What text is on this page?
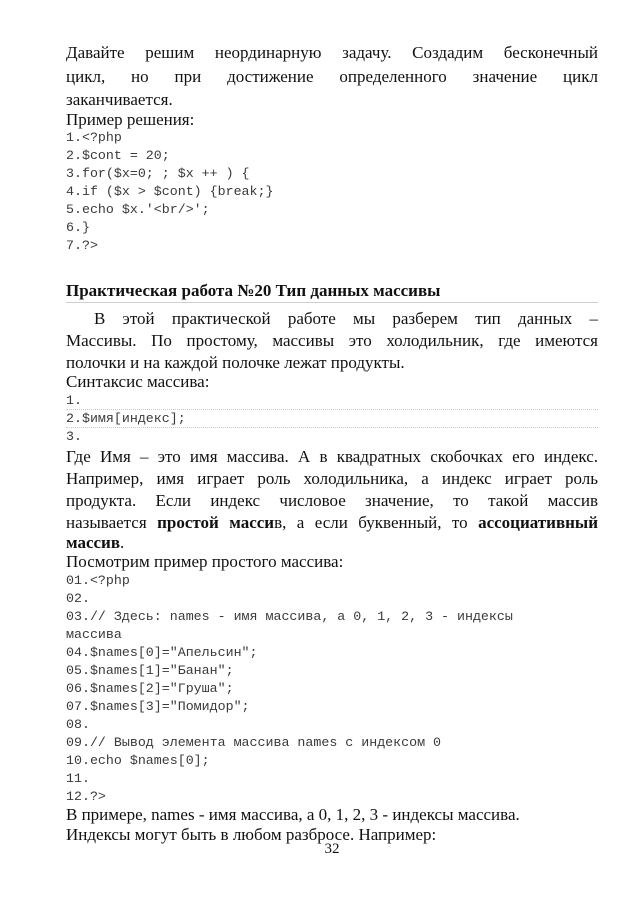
Давайте решим неординарную задачу. Создадим бесконечный
цикл, но при достижение определенного значение цикл
заканчивается.
Пример решения:
1.<?php
2.$cont = 20;
3.for($x=0; ; $x ++ ) {
4.if ($x > $cont) {break;}
5.echo $x.'<br/>';
6.}
7.?>
Практическая работа №20 Тип данных массивы
В этой практической работе мы разберем тип данных –
Массивы. По простому, массивы это холодильник, где имеются
полочки и на каждой полочке лежат продукты.
Синтаксис массива:
1.
2.$имя[индекс];
3.
Где Имя – это имя массива. А в квадратных скобочках его индекс.
Например, имя играет роль холодильника, а индекс играет роль
продукта. Если индекс числовое значение, то такой массив
называется простой массив, а если буквенный, то ассоциативный
массив.
Посмотрим пример простого массива:
01.<?php
02.
03.// Здесь: names - имя массива, а 0, 1, 2, 3 - индексы
массива
04.$names[0]="Апельсин";
05.$names[1]="Банан";
06.$names[2]="Груша";
07.$names[3]="Помидор";
08.
09.// Вывод элемента массива names с индексом 0
10.echo $names[0];
11.
12.?>
В примере, names - имя массива, а 0, 1, 2, 3 - индексы массива.
Индексы могут быть в любом разбросе. Например:
32
